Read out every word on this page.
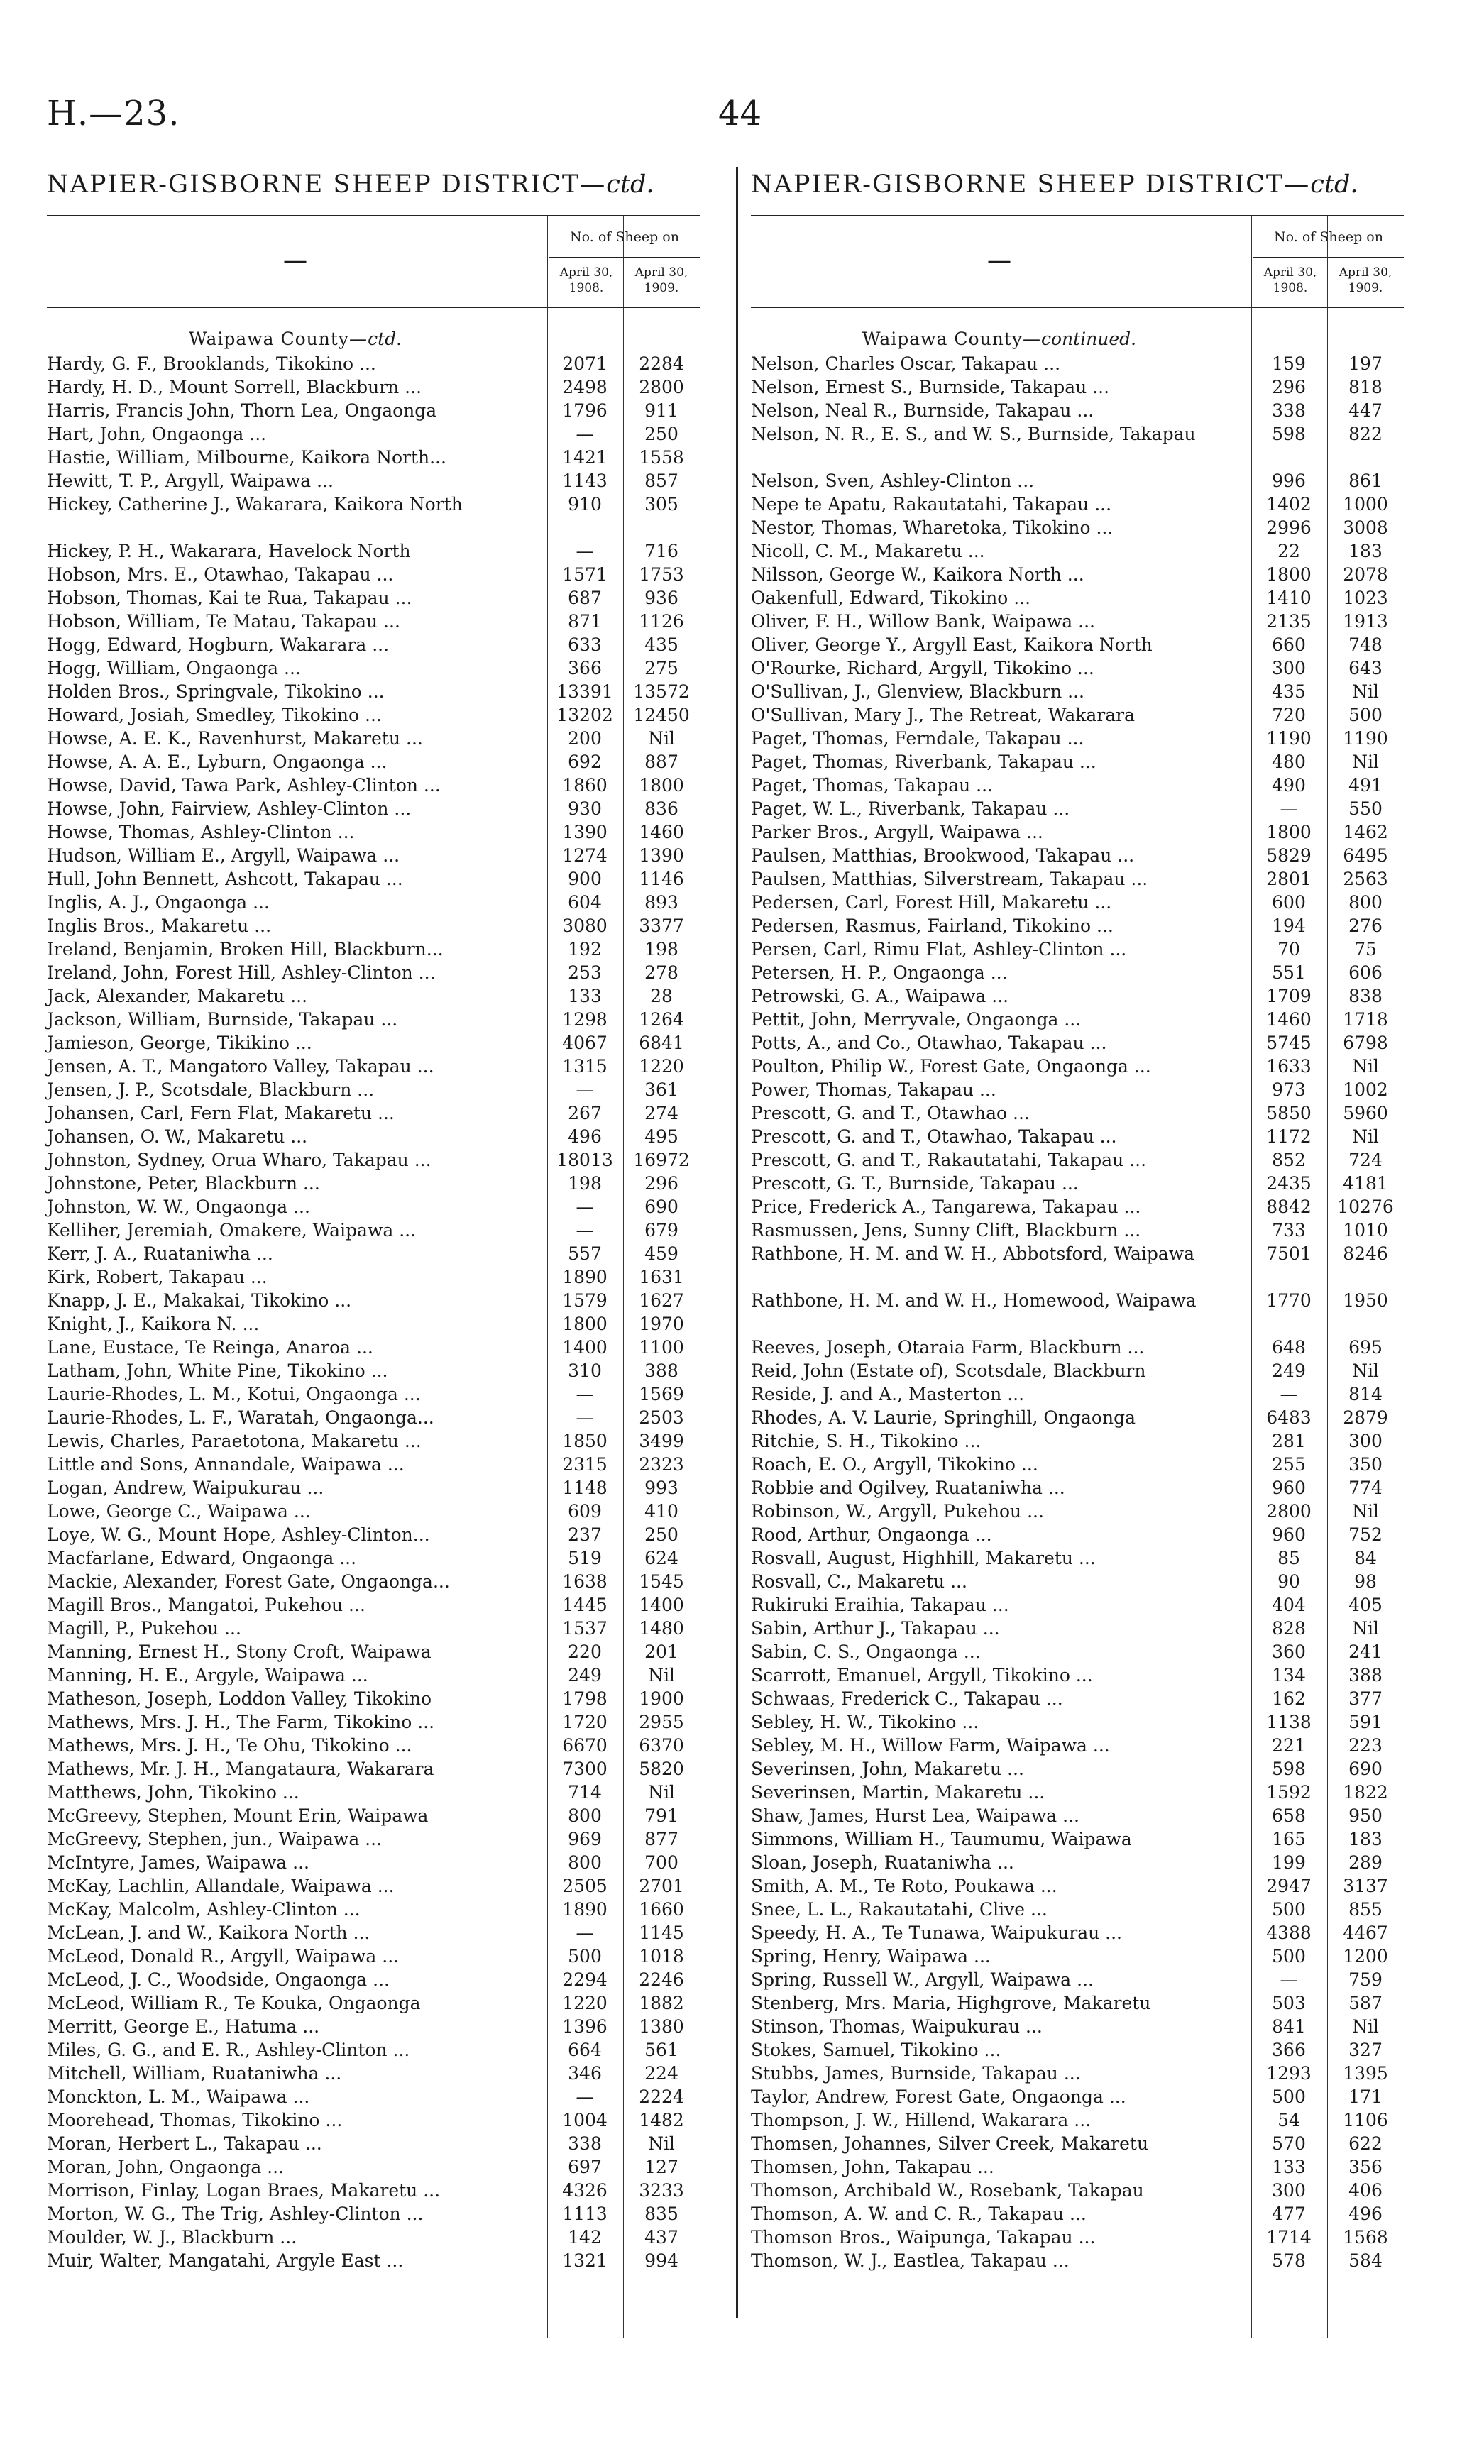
H.—23.	44
NAPIER-GISBORNE SHEEP DISTRICT—ctd.	NAPIER-GISBORNE SHEEP DISTRICT—ctd.
—
No. of Sheep on
April 30, 1908.
April 30, 1909.
Waipawa County—ctd.
Hardy, G. F., Brooklands, Tikokino ...	2071	2284
Hardy, H. D., Mount Sorrell, Blackburn ...	2498	2800
Harris, Francis John, Thorn Lea, Ongaonga	1796	911
Hart, John, Ongaonga ...	—	250
Hastie, William, Milbourne, Kaikora North...	1421	1558
Hewitt, T. P., Argyll, Waipawa ...	1143	857
Hickey, Catherine J., Wakarara, Kaikora North	910	305
Hickey, P. H., Wakarara, Havelock North	—	716
Hobson, Mrs. E., Otawhao, Takapau ...	1571	1753
Hobson, Thomas, Kai te Rua, Takapau ...	687	936
Hobson, William, Te Matau, Takapau ...	871	1126
Hogg, Edward, Hogburn, Wakarara ...	633	435
Hogg, William, Ongaonga ...	366	275
Holden Bros., Springvale, Tikokino ...	13391	13572
Howard, Josiah, Smedley, Tikokino ...	13202	12450
Howse, A. E. K., Ravenhurst, Makaretu ...	200	Nil
Howse, A. A. E., Lyburn, Ongaonga ...	692	887
Howse, David, Tawa Park, Ashley-Clinton ...	1860	1800
Howse, John, Fairview, Ashley-Clinton ...	930	836
Howse, Thomas, Ashley-Clinton ...	1390	1460
Hudson, William E., Argyll, Waipawa ...	1274	1390
Hull, John Bennett, Ashcott, Takapau ...	900	1146
Inglis, A. J., Ongaonga ...	604	893
Inglis Bros., Makaretu ...	3080	3377
Ireland, Benjamin, Broken Hill, Blackburn...	192	198
Ireland, John, Forest Hill, Ashley-Clinton ...	253	278
Jack, Alexander, Makaretu ...	133	28
Jackson, William, Burnside, Takapau ...	1298	1264
Jamieson, George, Tikikino ...	4067	6841
Jensen, A. T., Mangatoro Valley, Takapau ...	1315	1220
Jensen, J. P., Scotsdale, Blackburn ...	—	361
Johansen, Carl, Fern Flat, Makaretu ...	267	274
Johansen, O. W., Makaretu ...	496	495
Johnston, Sydney, Orua Wharo, Takapau ...	18013	16972
Johnstone, Peter, Blackburn ...	198	296
Johnston, W. W., Ongaonga ...	—	690
Kelliher, Jeremiah, Omakere, Waipawa ...	—	679
Kerr, J. A., Ruataniwha ...	557	459
Kirk, Robert, Takapau ...	1890	1631
Knapp, J. E., Makakai, Tikokino ...	1579	1627
Knight, J., Kaikora N. ...	1800	1970
Lane, Eustace, Te Reinga, Anaroa ...	1400	1100
Latham, John, White Pine, Tikokino ...	310	388
Laurie-Rhodes, L. M., Kotui, Ongaonga ...	—	1569
Laurie-Rhodes, L. F., Waratah, Ongaonga...	—	2503
Lewis, Charles, Paraetotona, Makaretu ...	1850	3499
Little and Sons, Annandale, Waipawa ...	2315	2323
Logan, Andrew, Waipukurau ...	1148	993
Lowe, George C., Waipawa ...	609	410
Loye, W. G., Mount Hope, Ashley-Clinton...	237	250
Macfarlane, Edward, Ongaonga ...	519	624
Mackie, Alexander, Forest Gate, Ongaonga...	1638	1545
Magill Bros., Mangatoi, Pukehou ...	1445	1400
Magill, P., Pukehou ...	1537	1480
Manning, Ernest H., Stony Croft, Waipawa	220	201
Manning, H. E., Argyle, Waipawa ...	249	Nil
Matheson, Joseph, Loddon Valley, Tikokino	1798	1900
Mathews, Mrs. J. H., The Farm, Tikokino ...	1720	2955
Mathews, Mrs. J. H., Te Ohu, Tikokino ...	6670	6370
Mathews, Mr. J. H., Mangataura, Wakarara	7300	5820
Matthews, John, Tikokino ...	714	Nil
McGreevy, Stephen, Mount Erin, Waipawa	800	791
McGreevy, Stephen, jun., Waipawa ...	969	877
McIntyre, James, Waipawa ...	800	700
McKay, Lachlin, Allandale, Waipawa ...	2505	2701
McKay, Malcolm, Ashley-Clinton ...	1890	1660
McLean, J. and W., Kaikora North ...	—	1145
McLeod, Donald R., Argyll, Waipawa ...	500	1018
McLeod, J. C., Woodside, Ongaonga ...	2294	2246
McLeod, William R., Te Kouka, Ongaonga	1220	1882
Merritt, George E., Hatuma ...	1396	1380
Miles, G. G., and E. R., Ashley-Clinton ...	664	561
Mitchell, William, Ruataniwha ...	346	224
Monckton, L. M., Waipawa ...	—	2224
Moorehead, Thomas, Tikokino ...	1004	1482
Moran, Herbert L., Takapau ...	338	Nil
Moran, John, Ongaonga ...	697	127
Morrison, Finlay, Logan Braes, Makaretu ...	4326	3233
Morton, W. G., The Trig, Ashley-Clinton ...	1113	835
Moulder, W. J., Blackburn ...	142	437
Muir, Walter, Mangatahi, Argyle East ...	1321	994
—
No. of Sheep on
April 30, 1908.
April 30, 1909.
Waipawa County—continued.
Nelson, Charles Oscar, Takapau ...	159	197
Nelson, Ernest S., Burnside, Takapau ...	296	818
Nelson, Neal R., Burnside, Takapau ...	338	447
Nelson, N. R., E. S., and W. S., Burnside, Takapau	598	822
Nelson, Sven, Ashley-Clinton ...	996	861
Nepe te Apatu, Rakautatahi, Takapau ...	1402	1000
Nestor, Thomas, Wharetoka, Tikokino ...	2996	3008
Nicoll, C. M., Makaretu ...	22	183
Nilsson, George W., Kaikora North ...	1800	2078
Oakenfull, Edward, Tikokino ...	1410	1023
Oliver, F. H., Willow Bank, Waipawa ...	2135	1913
Oliver, George Y., Argyll East, Kaikora North	660	748
O'Rourke, Richard, Argyll, Tikokino ...	300	643
O'Sullivan, J., Glenview, Blackburn ...	435	Nil
O'Sullivan, Mary J., The Retreat, Wakarara	720	500
Paget, Thomas, Ferndale, Takapau ...	1190	1190
Paget, Thomas, Riverbank, Takapau ...	480	Nil
Paget, Thomas, Takapau ...	490	491
Paget, W. L., Riverbank, Takapau ...	—	550
Parker Bros., Argyll, Waipawa ...	1800	1462
Paulsen, Matthias, Brookwood, Takapau ...	5829	6495
Paulsen, Matthias, Silverstream, Takapau ...	2801	2563
Pedersen, Carl, Forest Hill, Makaretu ...	600	800
Pedersen, Rasmus, Fairland, Tikokino ...	194	276
Persen, Carl, Rimu Flat, Ashley-Clinton ...	70	75
Petersen, H. P., Ongaonga ...	551	606
Petrowski, G. A., Waipawa ...	1709	838
Pettit, John, Merryvale, Ongaonga ...	1460	1718
Potts, A., and Co., Otawhao, Takapau ...	5745	6798
Poulton, Philip W., Forest Gate, Ongaonga ...	1633	Nil
Power, Thomas, Takapau ...	973	1002
Prescott, G. and T., Otawhao ...	5850	5960
Prescott, G. and T., Otawhao, Takapau ...	1172	Nil
Prescott, G. and T., Rakautatahi, Takapau ...	852	724
Prescott, G. T., Burnside, Takapau ...	2435	4181
Price, Frederick A., Tangarewa, Takapau ...	8842	10276
Rasmussen, Jens, Sunny Clift, Blackburn ...	733	1010
Rathbone, H. M. and W. H., Abbotsford, Waipawa	7501	8246
Rathbone, H. M. and W. H., Homewood, Waipawa	1770	1950
Reeves, Joseph, Otaraia Farm, Blackburn ...	648	695
Reid, John (Estate of), Scotsdale, Blackburn	249	Nil
Reside, J. and A., Masterton ...	—	814
Rhodes, A. V. Laurie, Springhill, Ongaonga	6483	2879
Ritchie, S. H., Tikokino ...	281	300
Roach, E. O., Argyll, Tikokino ...	255	350
Robbie and Ogilvey, Ruataniwha ...	960	774
Robinson, W., Argyll, Pukehou ...	2800	Nil
Rood, Arthur, Ongaonga ...	960	752
Rosvall, August, Highhill, Makaretu ...	85	84
Rosvall, C., Makaretu ...	90	98
Rukiruki Eraihia, Takapau ...	404	405
Sabin, Arthur J., Takapau ...	828	Nil
Sabin, C. S., Ongaonga ...	360	241
Scarrott, Emanuel, Argyll, Tikokino ...	134	388
Schwaas, Frederick C., Takapau ...	162	377
Sebley, H. W., Tikokino ...	1138	591
Sebley, M. H., Willow Farm, Waipawa ...	221	223
Severinsen, John, Makaretu ...	598	690
Severinsen, Martin, Makaretu ...	1592	1822
Shaw, James, Hurst Lea, Waipawa ...	658	950
Simmons, William H., Taumumu, Waipawa	165	183
Sloan, Joseph, Ruataniwha ...	199	289
Smith, A. M., Te Roto, Poukawa ...	2947	3137
Snee, L. L., Rakautatahi, Clive ...	500	855
Speedy, H. A., Te Tunawa, Waipukurau ...	4388	4467
Spring, Henry, Waipawa ...	500	1200
Spring, Russell W., Argyll, Waipawa ...	—	759
Stenberg, Mrs. Maria, Highgrove, Makaretu	503	587
Stinson, Thomas, Waipukurau ...	841	Nil
Stokes, Samuel, Tikokino ...	366	327
Stubbs, James, Burnside, Takapau ...	1293	1395
Taylor, Andrew, Forest Gate, Ongaonga ...	500	171
Thompson, J. W., Hillend, Wakarara ...	54	1106
Thomsen, Johannes, Silver Creek, Makaretu	570	622
Thomsen, John, Takapau ...	133	356
Thomson, Archibald W., Rosebank, Takapau	300	406
Thomson, A. W. and C. R., Takapau ...	477	496
Thomson Bros., Waipunga, Takapau ...	1714	1568
Thomson, W. J., Eastlea, Takapau ...	578	584
